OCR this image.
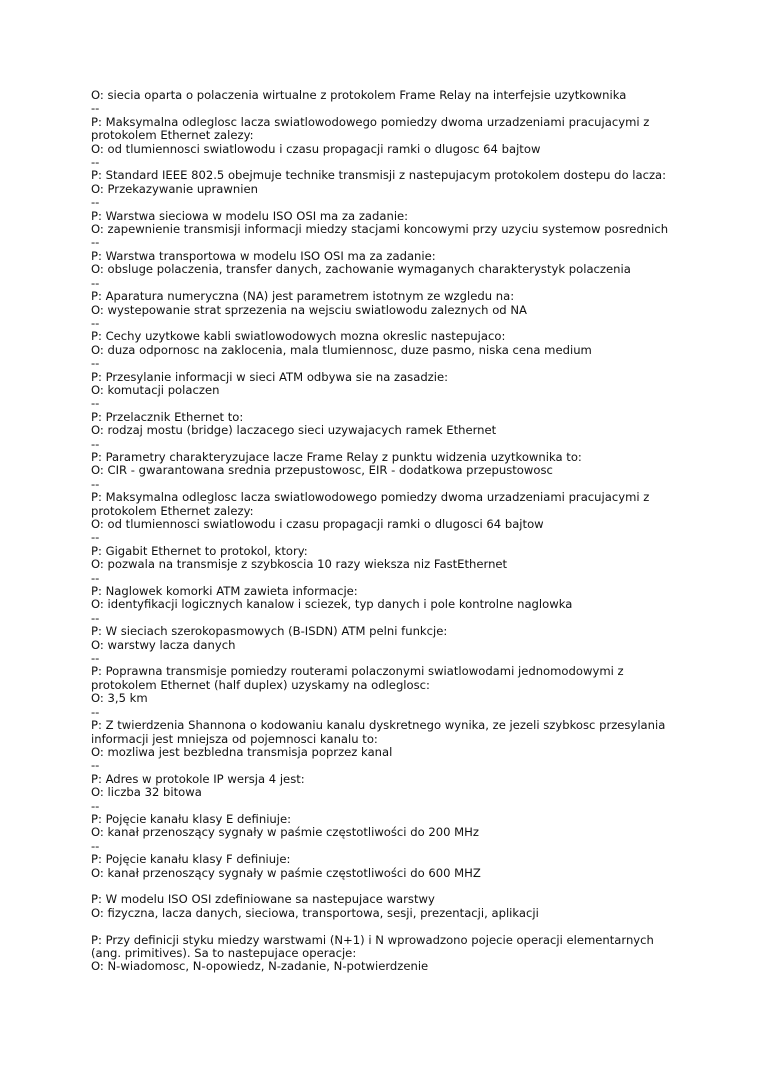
O: siecia oparta o polaczenia wirtualne z protokolem Frame Relay na interfejsie uzytkownika
--
P: Maksymalna odleglosc lacza swiatlowodowego pomiedzy dwoma urzadzeniami pracujacymi z
protokolem Ethernet zalezy:
O: od tlumiennosci swiatlowodu i czasu propagacji ramki o dlugosc 64 bajtow
--
P: Standard IEEE 802.5 obejmuje technike transmisji z nastepujacym protokolem dostepu do lacza:
O: Przekazywanie uprawnien
--
P: Warstwa sieciowa w modelu ISO OSI ma za zadanie:
O: zapewnienie transmisji informacji miedzy stacjami koncowymi przy uzyciu systemow posrednich
--
P: Warstwa transportowa w modelu ISO OSI ma za zadanie:
O: obsluge polaczenia, transfer danych, zachowanie wymaganych charakterystyk polaczenia
--
P: Aparatura numeryczna (NA) jest parametrem istotnym ze wzgledu na:
O: wystepowanie strat sprzezenia na wejsciu swiatlowodu zaleznych od NA
--
P: Cechy uzytkowe kabli swiatlowodowych mozna okreslic nastepujaco:
O: duza odpornosc na zaklocenia, mala tlumiennosc, duze pasmo, niska cena medium
--
P: Przesylanie informacji w sieci ATM odbywa sie na zasadzie:
O: komutacji polaczen
--
P: Przelacznik Ethernet to:
O: rodzaj mostu (bridge) laczacego sieci uzywajacych ramek Ethernet
--
P: Parametry charakteryzujace lacze Frame Relay z punktu widzenia uzytkownika to:
O: CIR - gwarantowana srednia przepustowosc, EIR - dodatkowa przepustowosc
--
P: Maksymalna odleglosc lacza swiatlowodowego pomiedzy dwoma urzadzeniami pracujacymi z
protokolem Ethernet zalezy:
O: od tlumiennosci swiatlowodu i czasu propagacji ramki o dlugosci 64 bajtow
--
P: Gigabit Ethernet to protokol, ktory:
O: pozwala na transmisje z szybkoscia 10 razy wieksza niz FastEthernet
--
P: Naglowek komorki ATM zawieta informacje:
O: identyfikacji logicznych kanalow i sciezek, typ danych i pole kontrolne naglowka
--
P: W sieciach szerokopasmowych (B-ISDN) ATM pelni funkcje:
O: warstwy lacza danych
--
P: Poprawna transmisje pomiedzy routerami polaczonymi swiatlowodami jednomodowymi z
protokolem Ethernet (half duplex) uzyskamy na odleglosc:
O: 3,5 km
--
P: Z twierdzenia Shannona o kodowaniu kanalu dyskretnego wynika, ze jezeli szybkosc przesylania
informacji jest mniejsza od pojemnosci kanalu to:
O: mozliwa jest bezbledna transmisja poprzez kanal
--
P: Adres w protokole IP wersja 4 jest:
O: liczba 32 bitowa
--
P: Pojęcie kanału klasy E definiuje:
O: kanał przenoszący sygnały w paśmie częstotliwości do 200 MHz
--
P: Pojęcie kanału klasy F definiuje:
O: kanał przenoszący sygnały w paśmie częstotliwości do 600 MHZ
P: W modelu ISO OSI zdefiniowane sa nastepujace warstwy
O: fizyczna, lacza danych, sieciowa, transportowa, sesji, prezentacji, aplikacji
P: Przy definicji styku miedzy warstwami (N+1) i N wprowadzono pojecie operacji elementarnych
(ang. primitives). Sa to nastepujace operacje:
O: N-wiadomosc, N-opowiedz, N-zadanie, N-potwierdzenie
